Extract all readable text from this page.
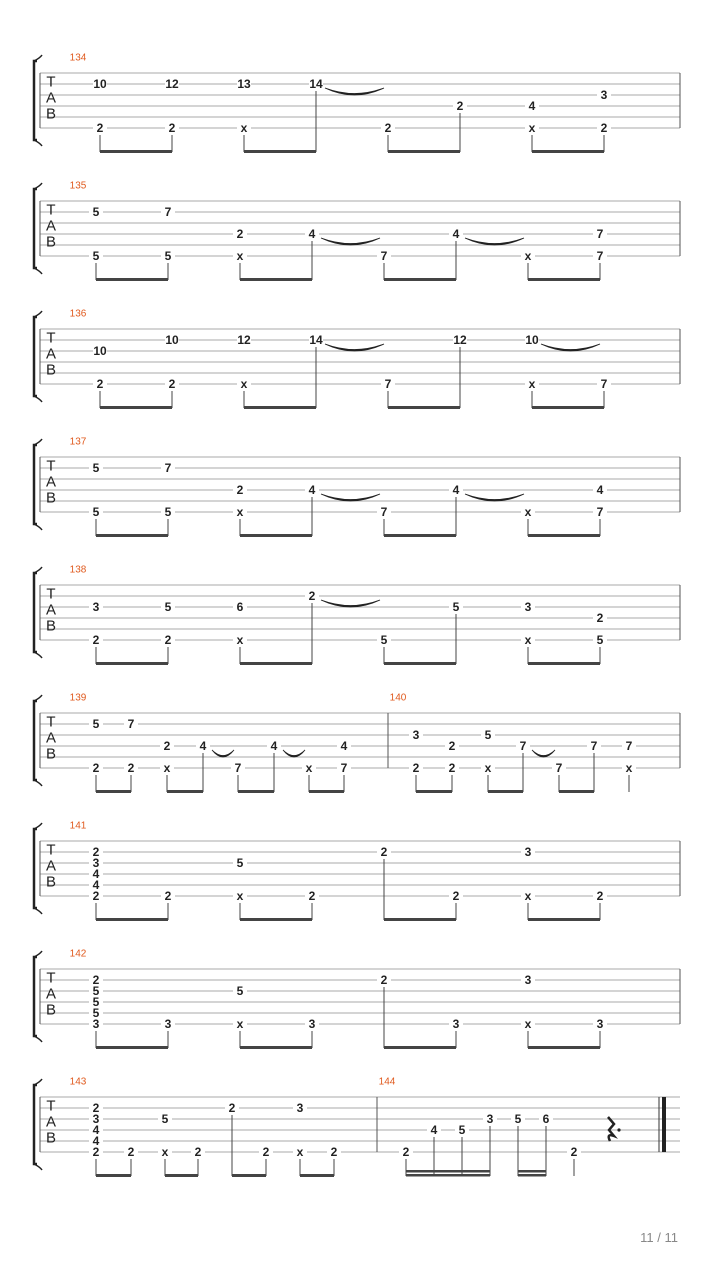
T
A
B
134
10
2
12
2
13
x
14
2
2	4
x
3
2
T
A
B
135
5
5
7
5
2
x
4
7
4
x
7
7
T
A
B
136
10
2
10
2
12
x
14
7
12	10
x	7
T
A
B
137
5
5
7
5
2
x
4
7
4
x
4
7
T
A
B
138
3
2
5
2
6
x
2
5
5	3
x
2
5
T
A
B
139
5
2
7
2
2
x
4
7
4
x
4
7
140
3
2
2
2
5
x
7
7
7 7
x
T
A
B
141
2
3
4
4
2	2
5
x	2
2
2
3
x	2
T
A
B
142
2
5
5
5
3	3
5
x	3
2
3
3
x	3
T
A
B
143
2
3
4
4
2 2
5
x 2
2
2
3
x 2
144
2
4 5
3 5 6
2
11 / 11
